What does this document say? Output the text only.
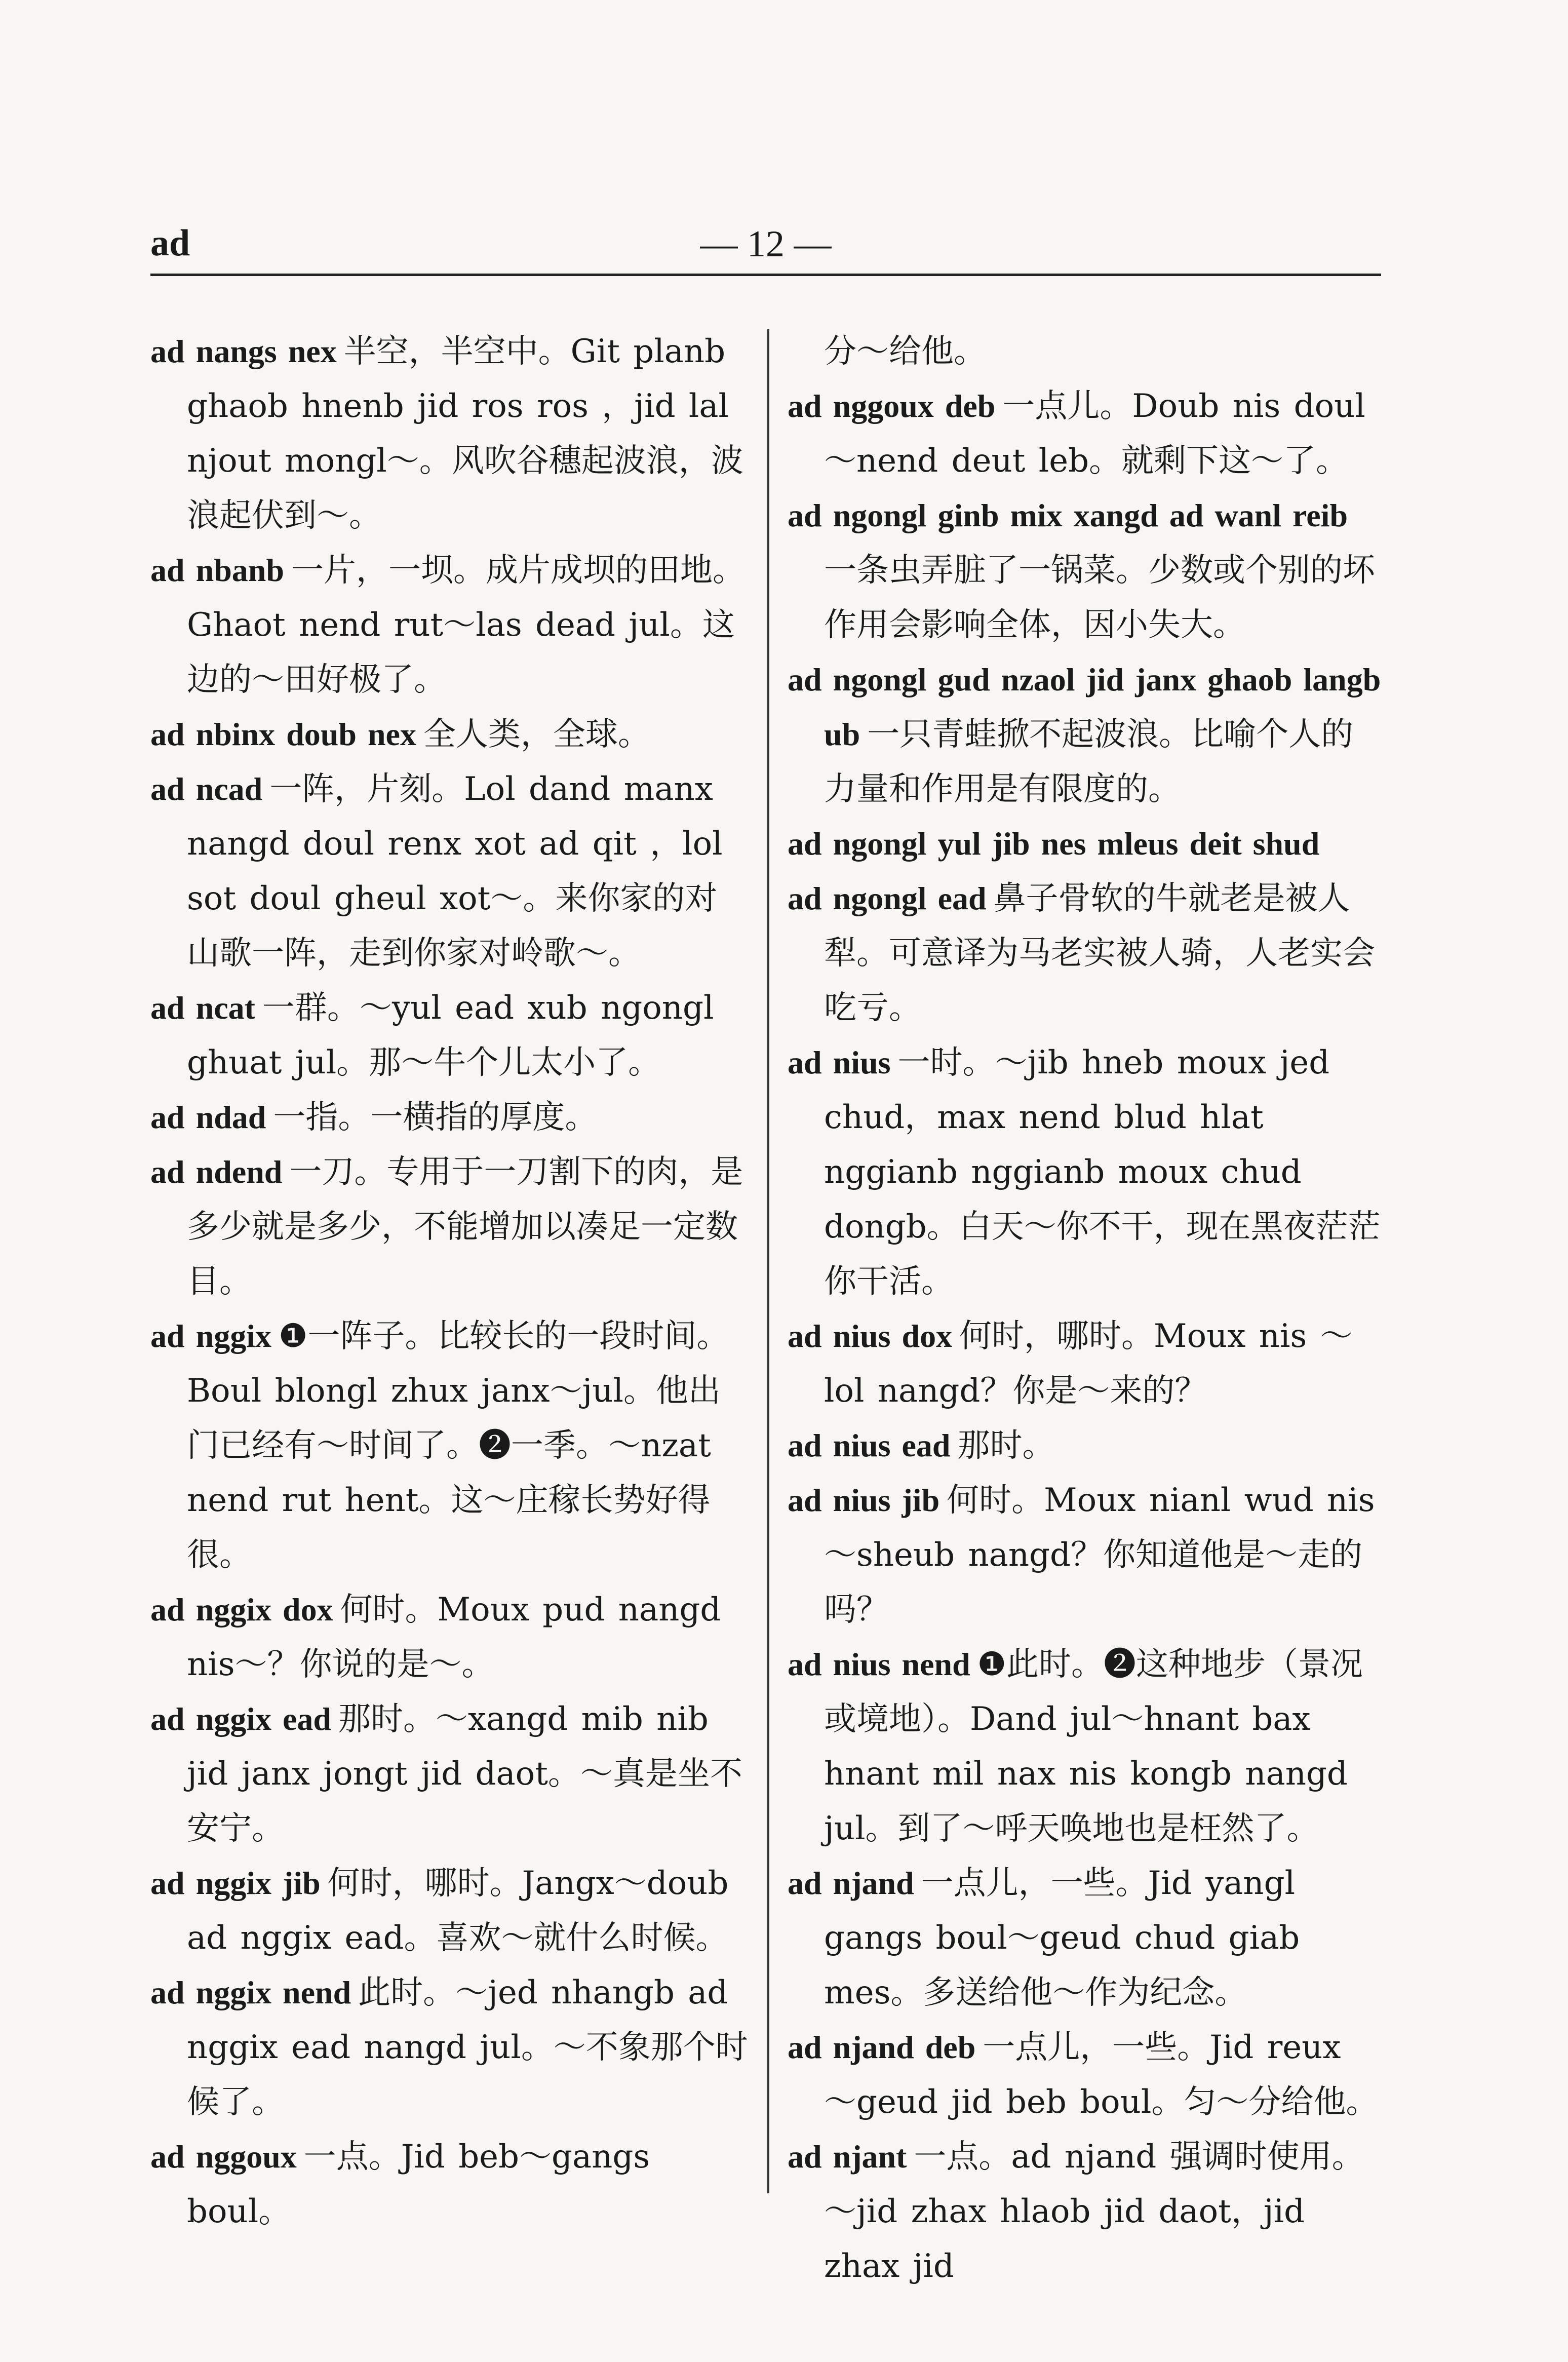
ad	— 12 —

ad nangs nex 半空，半空中。Git planb ghaob hnenb jid ros ros ，jid lal njout mongl～。风吹谷穗起波浪，波浪起伏到～。

ad nbanb 一片，一坝。成片成坝的田地。Ghaot nend rut～las dead jul。这边的～田好极了。

ad nbinx doub nex 全人类，全球。

ad ncad 一阵，片刻。Lol dand manx nangd doul renx xot ad qit ，lol sot doul gheul xot～。来你家的对山歌一阵，走到你家对岭歌～。

ad ncat 一群。～yul ead xub ngongl ghuat jul。那～牛个儿太小了。

ad ndad 一指。一横指的厚度。

ad ndend 一刀。专用于一刀割下的肉，是多少就是多少，不能增加以凑足一定数目。

ad nggix ❶一阵子。比较长的一段时间。Boul blongl zhux janx～jul。他出门已经有～时间了。❷一季。～nzat nend rut hent。这～庄稼长势好得很。

ad nggix dox 何时。Moux pud nangd nis～？你说的是～。

ad nggix ead 那时。～xangd mib nib jid janx jongt jid daot。～真是坐不安宁。

ad nggix jib 何时，哪时。Jangx～doub ad nggix ead。喜欢～就什么时候。

ad nggix nend 此时。～jed nhangb ad nggix ead nangd jul。～不象那个时候了。

ad nggoux 一点。Jid beb～gangs boul。

分～给他。

ad nggoux deb 一点儿。Doub nis doul ～nend deut leb。就剩下这～了。

ad ngongl ginb mix xangd ad wanl reib一条虫弄脏了一锅菜。少数或个别的坏作用会影响全体，因小失大。

ad ngongl gud nzaol jid janx ghaob langb ub 一只青蛙掀不起波浪。比喻个人的力量和作用是有限度的。

ad ngongl yul jib nes mleus deit shud

ad ngongl ead 鼻子骨软的牛就老是被人犁。可意译为马老实被人骑，人老实会吃亏。

ad nius 一时。～jib hneb moux jed chud，max nend blud hlat nggianb nggianb moux chud dongb。白天～你不干，现在黑夜茫茫你干活。

ad nius dox 何时，哪时。Moux nis ～lol nangd？你是～来的？

ad nius ead 那时。

ad nius jib 何时。Moux nianl wud nis ～sheub nangd？你知道他是～走的吗？

ad nius nend ❶此时。❷这种地步（景况或境地）。Dand jul～hnant bax hnant mil nax nis kongb nangd jul。到了～呼天唤地也是枉然了。

ad njand 一点儿，一些。Jid yangl gangs boul～geud chud giab mes。多送给他～作为纪念。

ad njand deb 一点儿，一些。Jid reux ～geud jid beb boul。匀～分给他。

ad njant 一点。ad njand 强调时使用。～jid zhax hlaob jid daot，jid zhax jid
